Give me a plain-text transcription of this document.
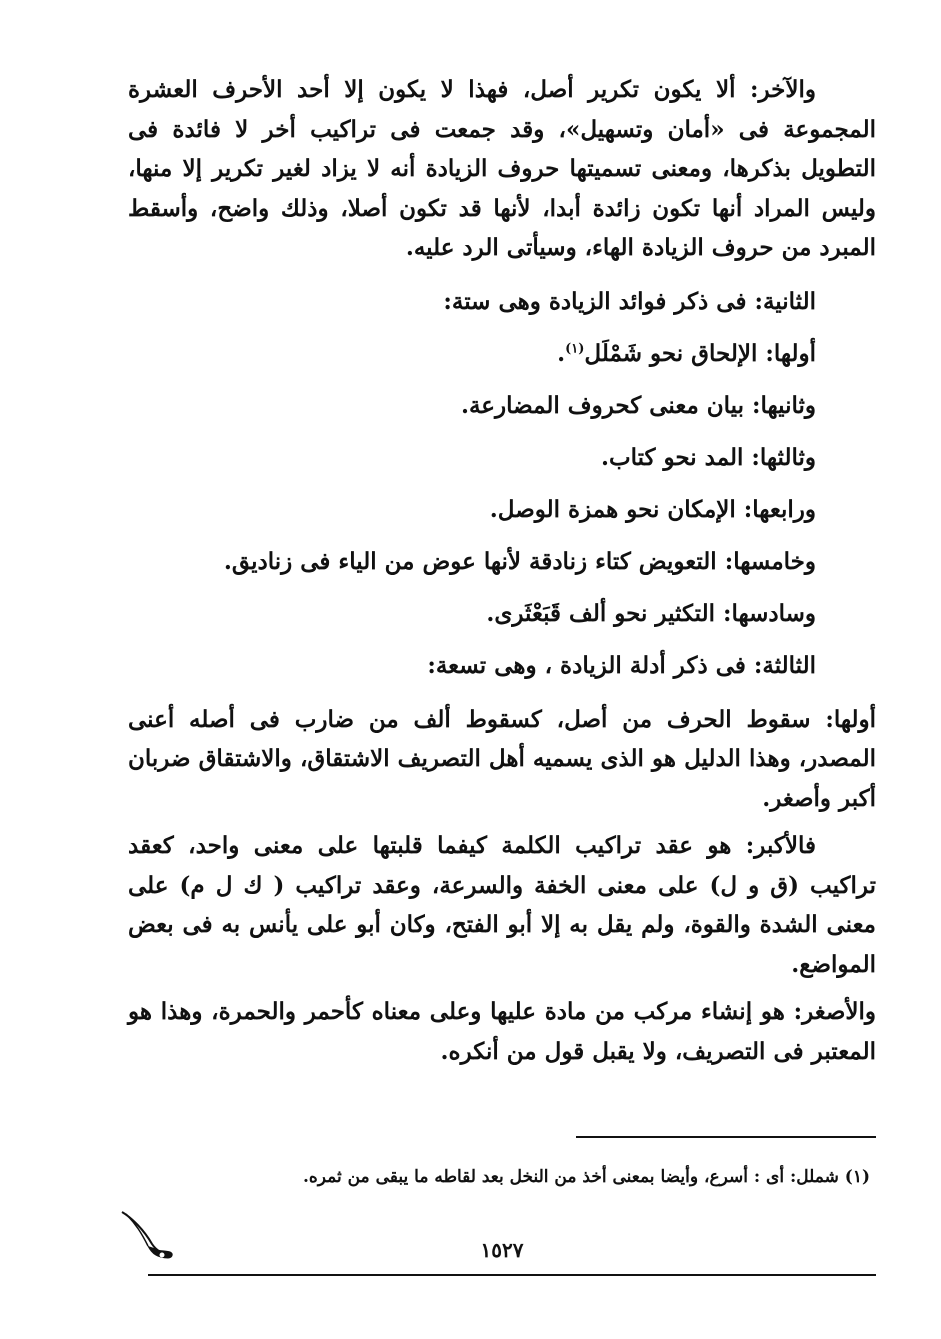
والآخر: ألا يكون تكرير أصل، فهذا لا يكون إلا أحد الأحرف العشرة المجموعة فى «أمان وتسهيل»، وقد جمعت فى تراكيب أخر لا فائدة فى التطويل بذكرها، ومعنى تسميتها حروف الزيادة أنه لا يزاد لغير تكرير إلا منها، وليس المراد أنها تكون زائدة أبدا، لأنها قد تكون أصلا، وذلك واضح، وأسقط المبرد من حروف الزيادة الهاء، وسيأتى الرد عليه.

الثانية: فى ذكر فوائد الزيادة وهى ستة:

أولها: الإلحاق نحو شَمْلَل$^{(١)}$.

وثانيها: بيان معنى كحروف المضارعة.

وثالثها: المد نحو كتاب.

ورابعها: الإمكان نحو همزة الوصل.

وخامسها: التعويض كتاء زنادقة لأنها عوض من الياء فى زناديق.

وسادسها: التكثير نحو ألف قَبَعْثَرى.

الثالثة: فى ذكر أدلة الزيادة ، وهى تسعة:

أولها: سقوط الحرف من أصل، كسقوط ألف من ضارب فى أصله أعنى المصدر، وهذا الدليل هو الذى يسميه أهل التصريف الاشتقاق، والاشتقاق ضربان أكبر وأصغر.

فالأكبر: هو عقد تراكيب الكلمة كيفما قلبتها على معنى واحد، كعقد تراكيب (ق و ل) على معنى الخفة والسرعة، وعقد تراكيب ( ك ل م) على معنى الشدة والقوة، ولم يقل به إلا أبو الفتح، وكان أبو على يأنس به فى بعض المواضع.

والأصغر: هو إنشاء مركب من مادة عليها وعلى معناه كأحمر والحمرة، وهذا هو المعتبر فى التصريف، ولا يقبل قول من أنكره.

(١) شملل: أى : أسرع، وأيضا بمعنى أخذ من النخل بعد لقاطه ما يبقى من ثمره.

١٥٢٧
